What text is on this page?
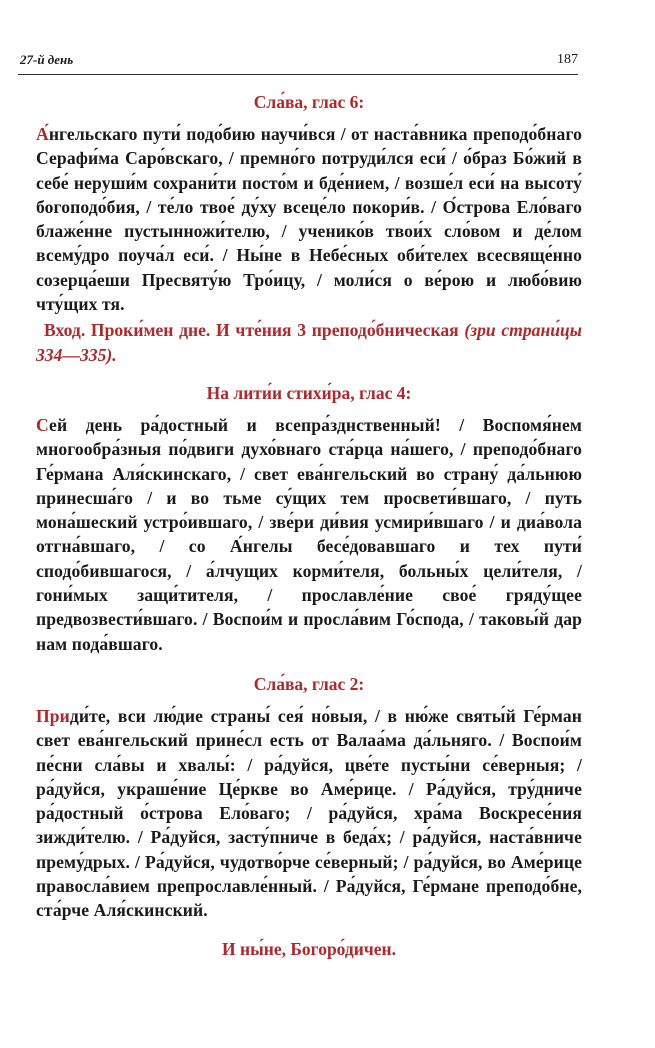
27-й день	187
Сла́ва, глас 6:

А́нгельскаго пути́ подо́бию научи́вся / от наста́вника преподо́бнаго Серафи́ма Саро́вскаго, / премно́го потруди́лся еси́ / о́браз Бо́жий в себе́ неруши́м сохрани́ти посто́м и бде́нием, / возше́л еси́ на высоту́ богоподо́бия, / те́ло твое́ ду́ху всеце́ло покори́в. / О́строва Ело́ваго блаже́нне пустынножи́телю, / ученико́в твои́х сло́вом и де́лом всему́дро поуча́л еси́. / Ны́не в Небе́сных оби́телех всесвяще́нно созерца́еши Пресвяту́ю Тро́ицу, / моли́ся о ве́рою и любо́вию чту́щих тя.

Вход. Проки́мен дне. И чте́ния 3 преподо́бническая (зри страни́цы 334—335).

На лити́и стихи́ра, глас 4:

Сей день ра́достный и всепра́зднственный! / Воспомя́нем многообра́зныя по́двиги духо́внаго ста́рца на́шего, / преподо́бнаго Ге́рмана Аля́скинскаго, / свет ева́нгельский во страну́ да́льнюю принесша́го / и во тьме су́щих тем просвети́вшаго, / путь мона́шеский устро́ившаго, / зве́ри ди́вия усмири́вшаго / и диа́вола отгна́вшаго, / со А́нгелы бесе́довавшаго и тех пути́ сподо́бившагося, / а́лчущих корми́теля, больны́х цели́теля, / гони́мых защи́тителя, / прославле́ние свое́ гряду́щее предвозвести́вшаго. / Воспои́м и просла́вим Го́спода, / таковы́й дар нам пода́вшаго.

Сла́ва, глас 2:

Приди́те, вси лю́дие страны́ сея́ но́выя, / в ню́же святы́й Ге́рман свет ева́нгельский прине́сл есть от Валаа́ма да́льняго. / Воспои́м пе́сни сла́вы и хвалы́: / ра́дуйся, цве́те пусты́ни се́верныя; / ра́дуйся, украше́ние Це́ркве во Аме́рице. / Ра́дуйся, тру́дниче ра́достный о́строва Ело́ваго; / ра́дуйся, хра́ма Воскресе́ния зижди́телю. / Ра́дуйся, засту́пниче в беда́х; / ра́дуйся, наста́вниче прему́дрых. / Ра́дуйся, чудотво́рче се́верный; / ра́дуйся, во Аме́рице правосла́вием препрославле́нный. / Ра́дуйся, Ге́рмане преподо́бне, ста́рче Аля́скинский.

И ны́не, Богоро́дичен.
